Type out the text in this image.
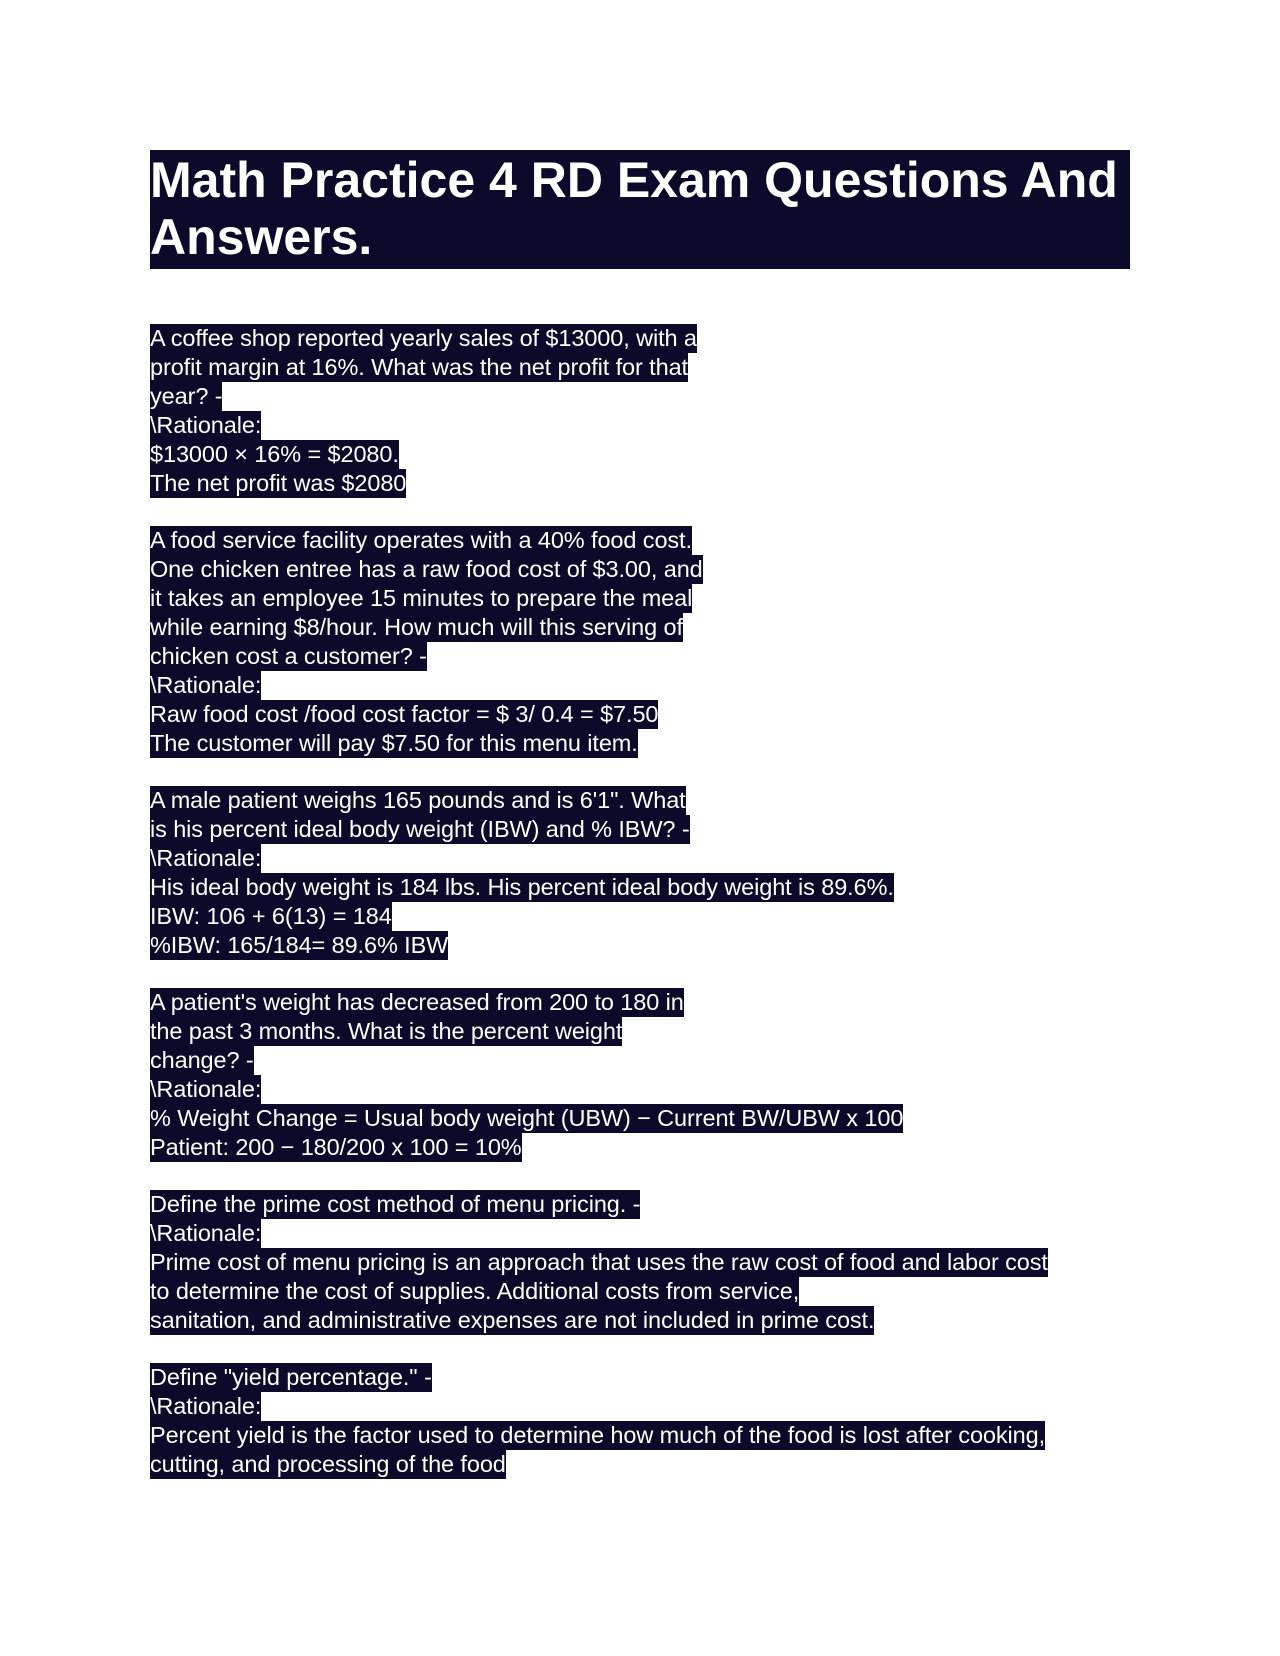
Math Practice 4 RD Exam Questions And
Answers.
A coffee shop reported yearly sales of $13000, with a
profit margin at 16%. What was the net profit for that
year? -
\Rationale:
$13000 × 16% = $2080.
The net profit was $2080
A food service facility operates with a 40% food cost.
One chicken entree has a raw food cost of $3.00, and
it takes an employee 15 minutes to prepare the meal
while earning $8/hour. How much will this serving of
chicken cost a customer? -
\Rationale:
Raw food cost /food cost factor = $ 3/ 0.4 = $7.50
The customer will pay $7.50 for this menu item.
A male patient weighs 165 pounds and is 6'1". What
is his percent ideal body weight (IBW) and % IBW? -
\Rationale:
His ideal body weight is 184 lbs. His percent ideal body weight is 89.6%.
IBW: 106 + 6(13) = 184
%IBW: 165/184= 89.6% IBW
A patient's weight has decreased from 200 to 180 in
the past 3 months. What is the percent weight
change? -
\Rationale:
% Weight Change = Usual body weight (UBW) − Current BW/UBW x 100
Patient: 200 − 180/200 x 100 = 10%
Define the prime cost method of menu pricing. -
\Rationale:
Prime cost of menu pricing is an approach that uses the raw cost of food and labor cost
to determine the cost of supplies. Additional costs from service,
sanitation, and administrative expenses are not included in prime cost.
Define "yield percentage." -
\Rationale:
Percent yield is the factor used to determine how much of the food is lost after cooking,
cutting, and processing of the food
